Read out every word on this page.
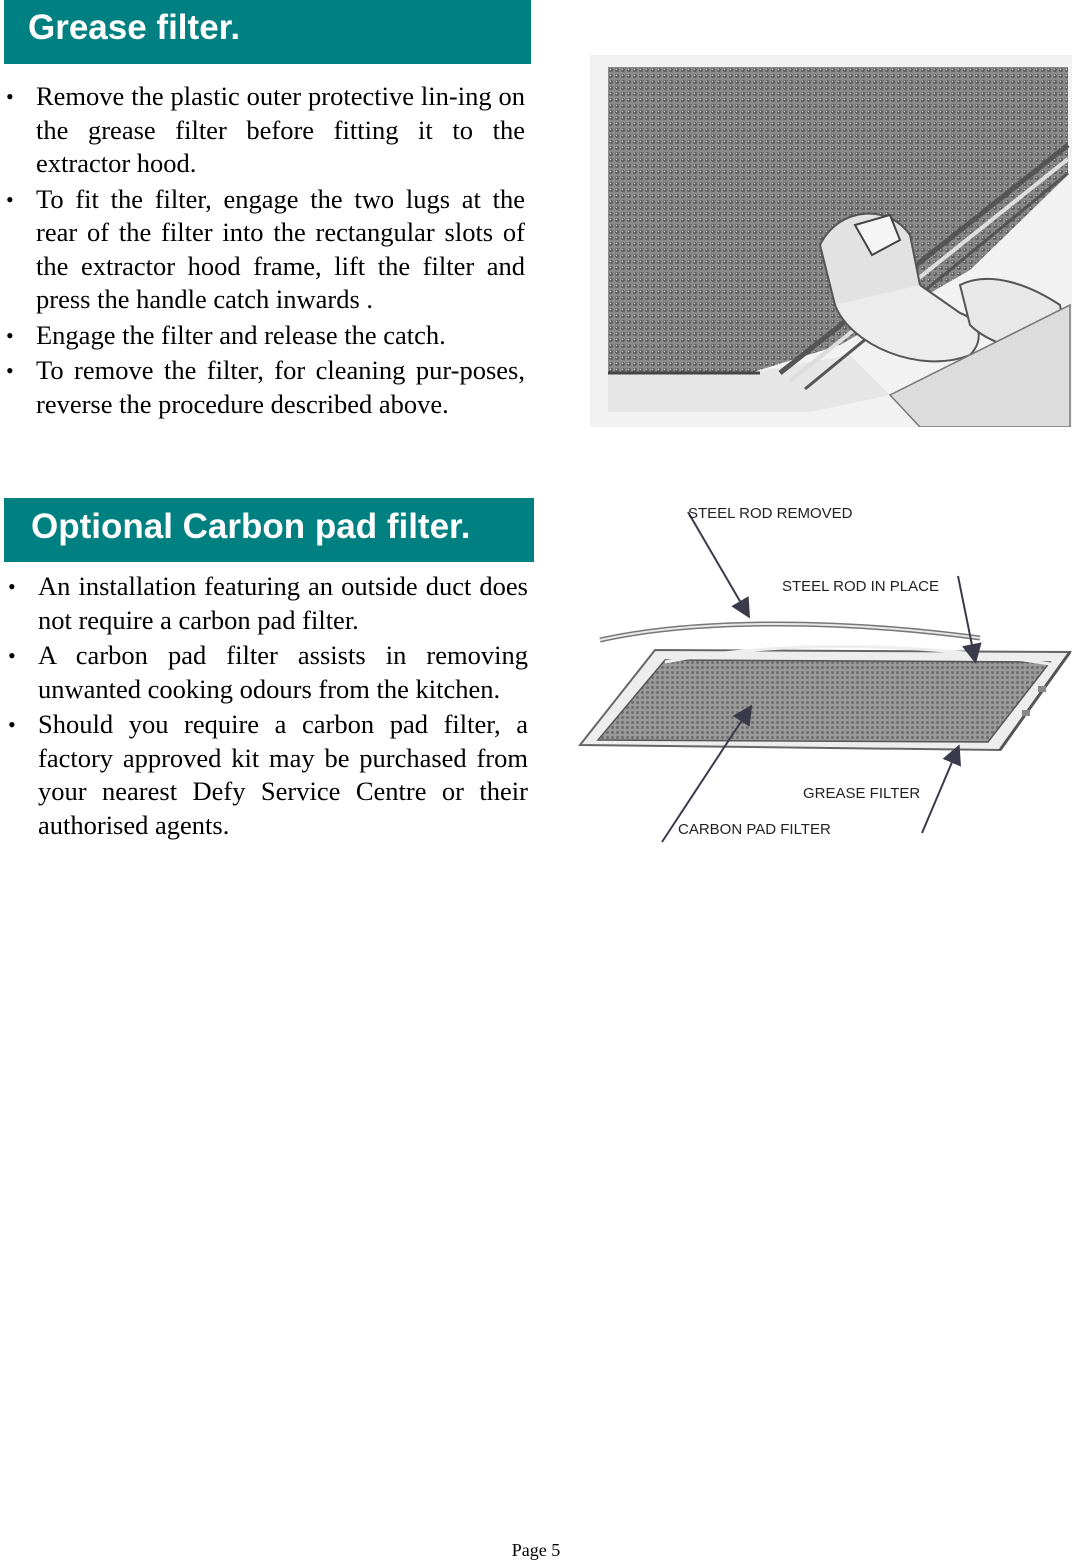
Grease filter.
• Remove the plastic outer protective lin-ing on the grease filter before fitting it to the extractor hood.
• To fit the filter, engage the two lugs at the rear of the filter into the rectangular slots of the extractor hood frame, lift the filter and press the handle catch inwards .
• Engage the filter and release the catch.
• To remove the filter, for cleaning pur-poses, reverse the procedure described above.
Optional Carbon pad filter.
• An installation featuring an outside duct does not require a carbon pad filter.
• A carbon pad filter assists in removing unwanted cooking odours from the kitchen.
• Should you require a carbon pad filter, a factory approved kit may be purchased from your nearest Defy Service Centre or their authorised agents.
STEEL ROD REMOVED
STEEL ROD IN PLACE
GREASE FILTER
CARBON PAD FILTER
Page 5
